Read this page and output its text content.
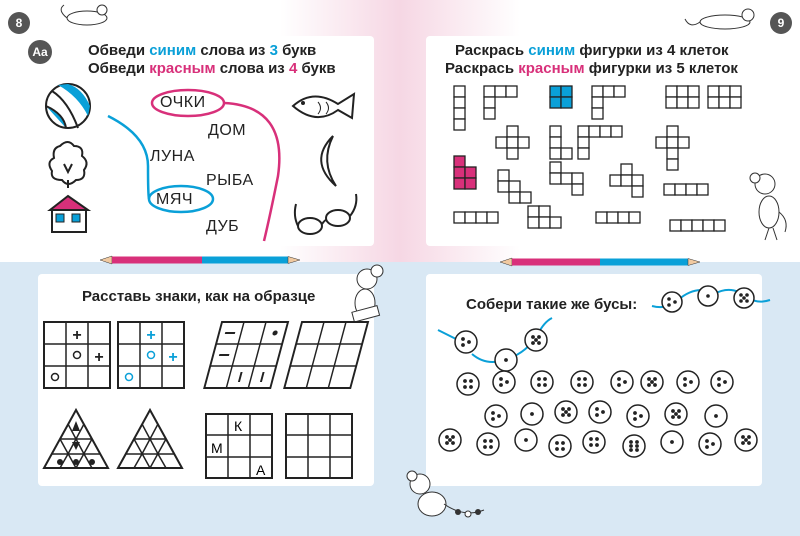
8	9
Aa	Обведи синим слова из 3 букв
Обведи красным слова из 4 букв
ОЧКИ
ДОМ
ЛУНА
РЫБА
МЯЧ
ДУБ
Раскрась синим фигурки из 4 клеток
Раскрась красным фигурки из 5 клеток
Расставь знаки, как на образце
+
+
+
+
К
М
А
Собери такие же бусы:
